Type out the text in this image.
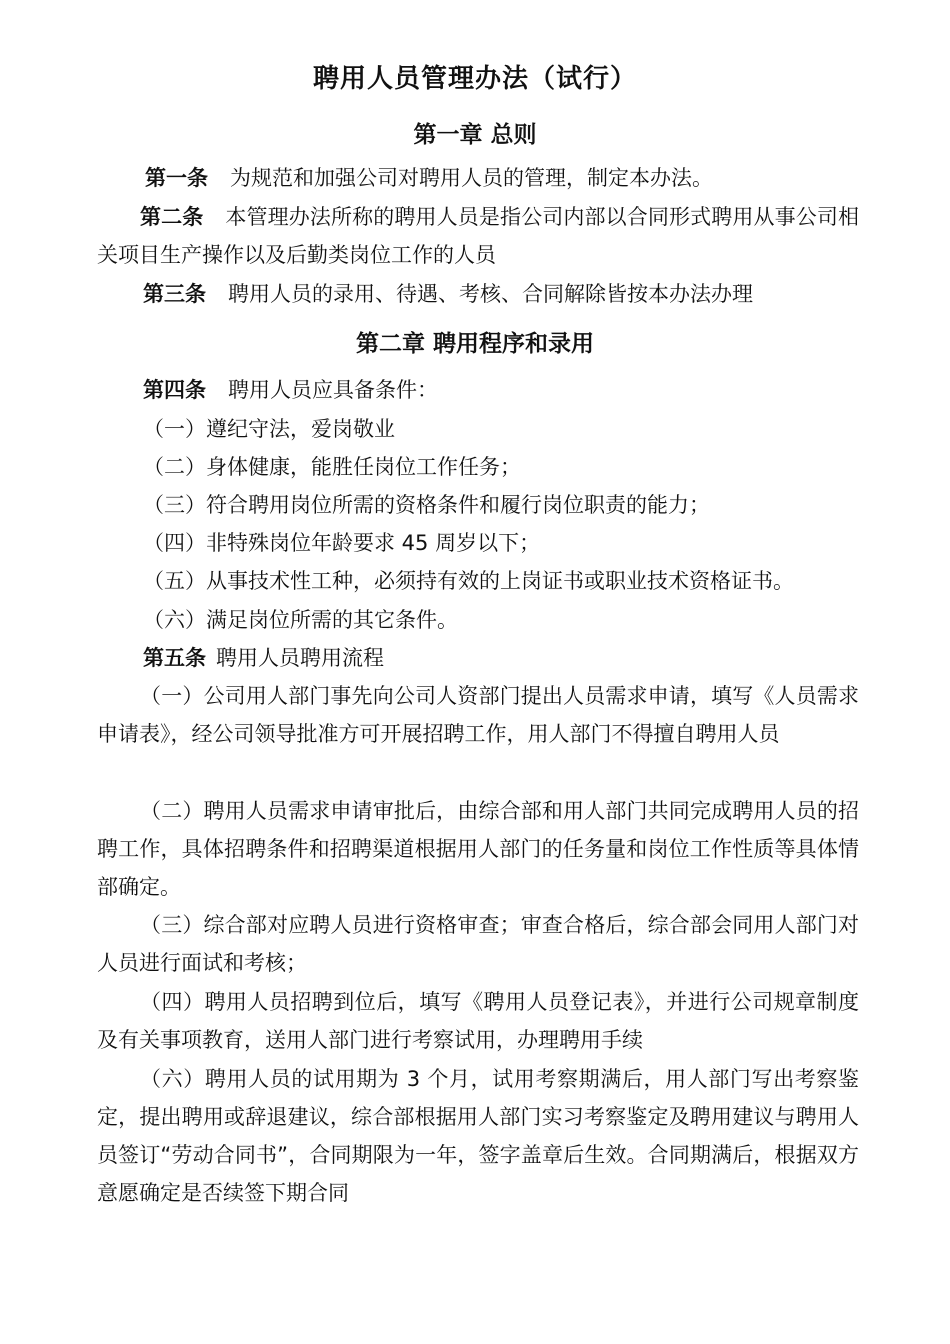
聘用人员管理办法（试行）
第一章 总则
第一条 为规范和加强公司对聘用人员的管理，制定本办法。
第二条 本管理办法所称的聘用人员是指公司内部以合同形式聘用从事公司相关项目生产操作以及后勤类岗位工作的人员
第三条 聘用人员的录用、待遇、考核、合同解除皆按本办法办理
第二章 聘用程序和录用
第四条 聘用人员应具备条件：
（一）遵纪守法，爱岗敬业
（二）身体健康，能胜任岗位工作任务；
（三）符合聘用岗位所需的资格条件和履行岗位职责的能力；
（四）非特殊岗位年龄要求 45 周岁以下；
（五）从事技术性工种，必须持有效的上岗证书或职业技术资格证书。
（六）满足岗位所需的其它条件。
第五条 聘用人员聘用流程
（一）公司用人部门事先向公司人资部门提出人员需求申请，填写《人员需求申请表》，经公司领导批准方可开展招聘工作，用人部门不得擅自聘用人员
（二）聘用人员需求申请审批后，由综合部和用人部门共同完成聘用人员的招聘工作，具体招聘条件和招聘渠道根据用人部门的任务量和岗位工作性质等具体情部确定。
（三）综合部对应聘人员进行资格审查；审查合格后，综合部会同用人部门对人员进行面试和考核；
（四）聘用人员招聘到位后，填写《聘用人员登记表》，并进行公司规章制度及有关事项教育，送用人部门进行考察试用，办理聘用手续
（六）聘用人员的试用期为 3 个月，试用考察期满后，用人部门写出考察鉴定，提出聘用或辞退建议，综合部根据用人部门实习考察鉴定及聘用建议与聘用人员签订“劳动合同书”，合同期限为一年，签字盖章后生效。合同期满后，根据双方意愿确定是否续签下期合同
